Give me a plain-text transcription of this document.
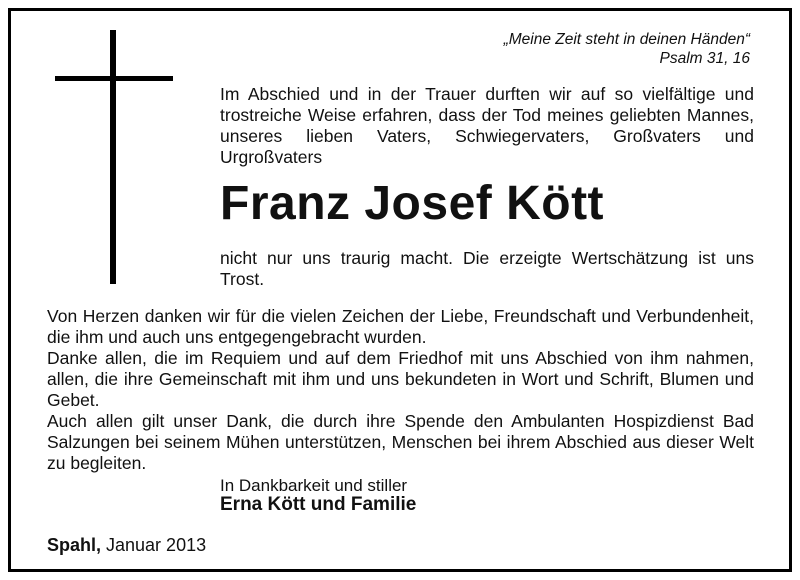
„Meine Zeit steht in deinen Händen“
Psalm 31, 16
Im Abschied und in der Trauer durften wir auf so vielfältige und trostreiche Weise erfahren, dass der Tod meines geliebten Mannes, unseres lieben Vaters, Schwiegervaters, Großvaters und Urgroßvaters
Franz Josef Kött
nicht nur uns traurig macht. Die erzeigte Wertschätzung ist uns Trost.
Von Herzen danken wir für die vielen Zeichen der Liebe, Freundschaft und Verbundenheit, die ihm und auch uns entgegengebracht wurden.
Danke allen, die im Requiem und auf dem Friedhof mit uns Abschied von ihm nahmen, allen, die ihre Gemeinschaft mit ihm und uns bekundeten in Wort und Schrift, Blumen und Gebet.
Auch allen gilt unser Dank, die durch ihre Spende den Ambulanten Hospizdienst Bad Salzungen bei seinem Mühen unterstützen, Menschen bei ihrem Abschied aus dieser Welt zu begleiten.
In Dankbarkeit und stiller
Erna Kött und Familie
Spahl, Januar 2013
